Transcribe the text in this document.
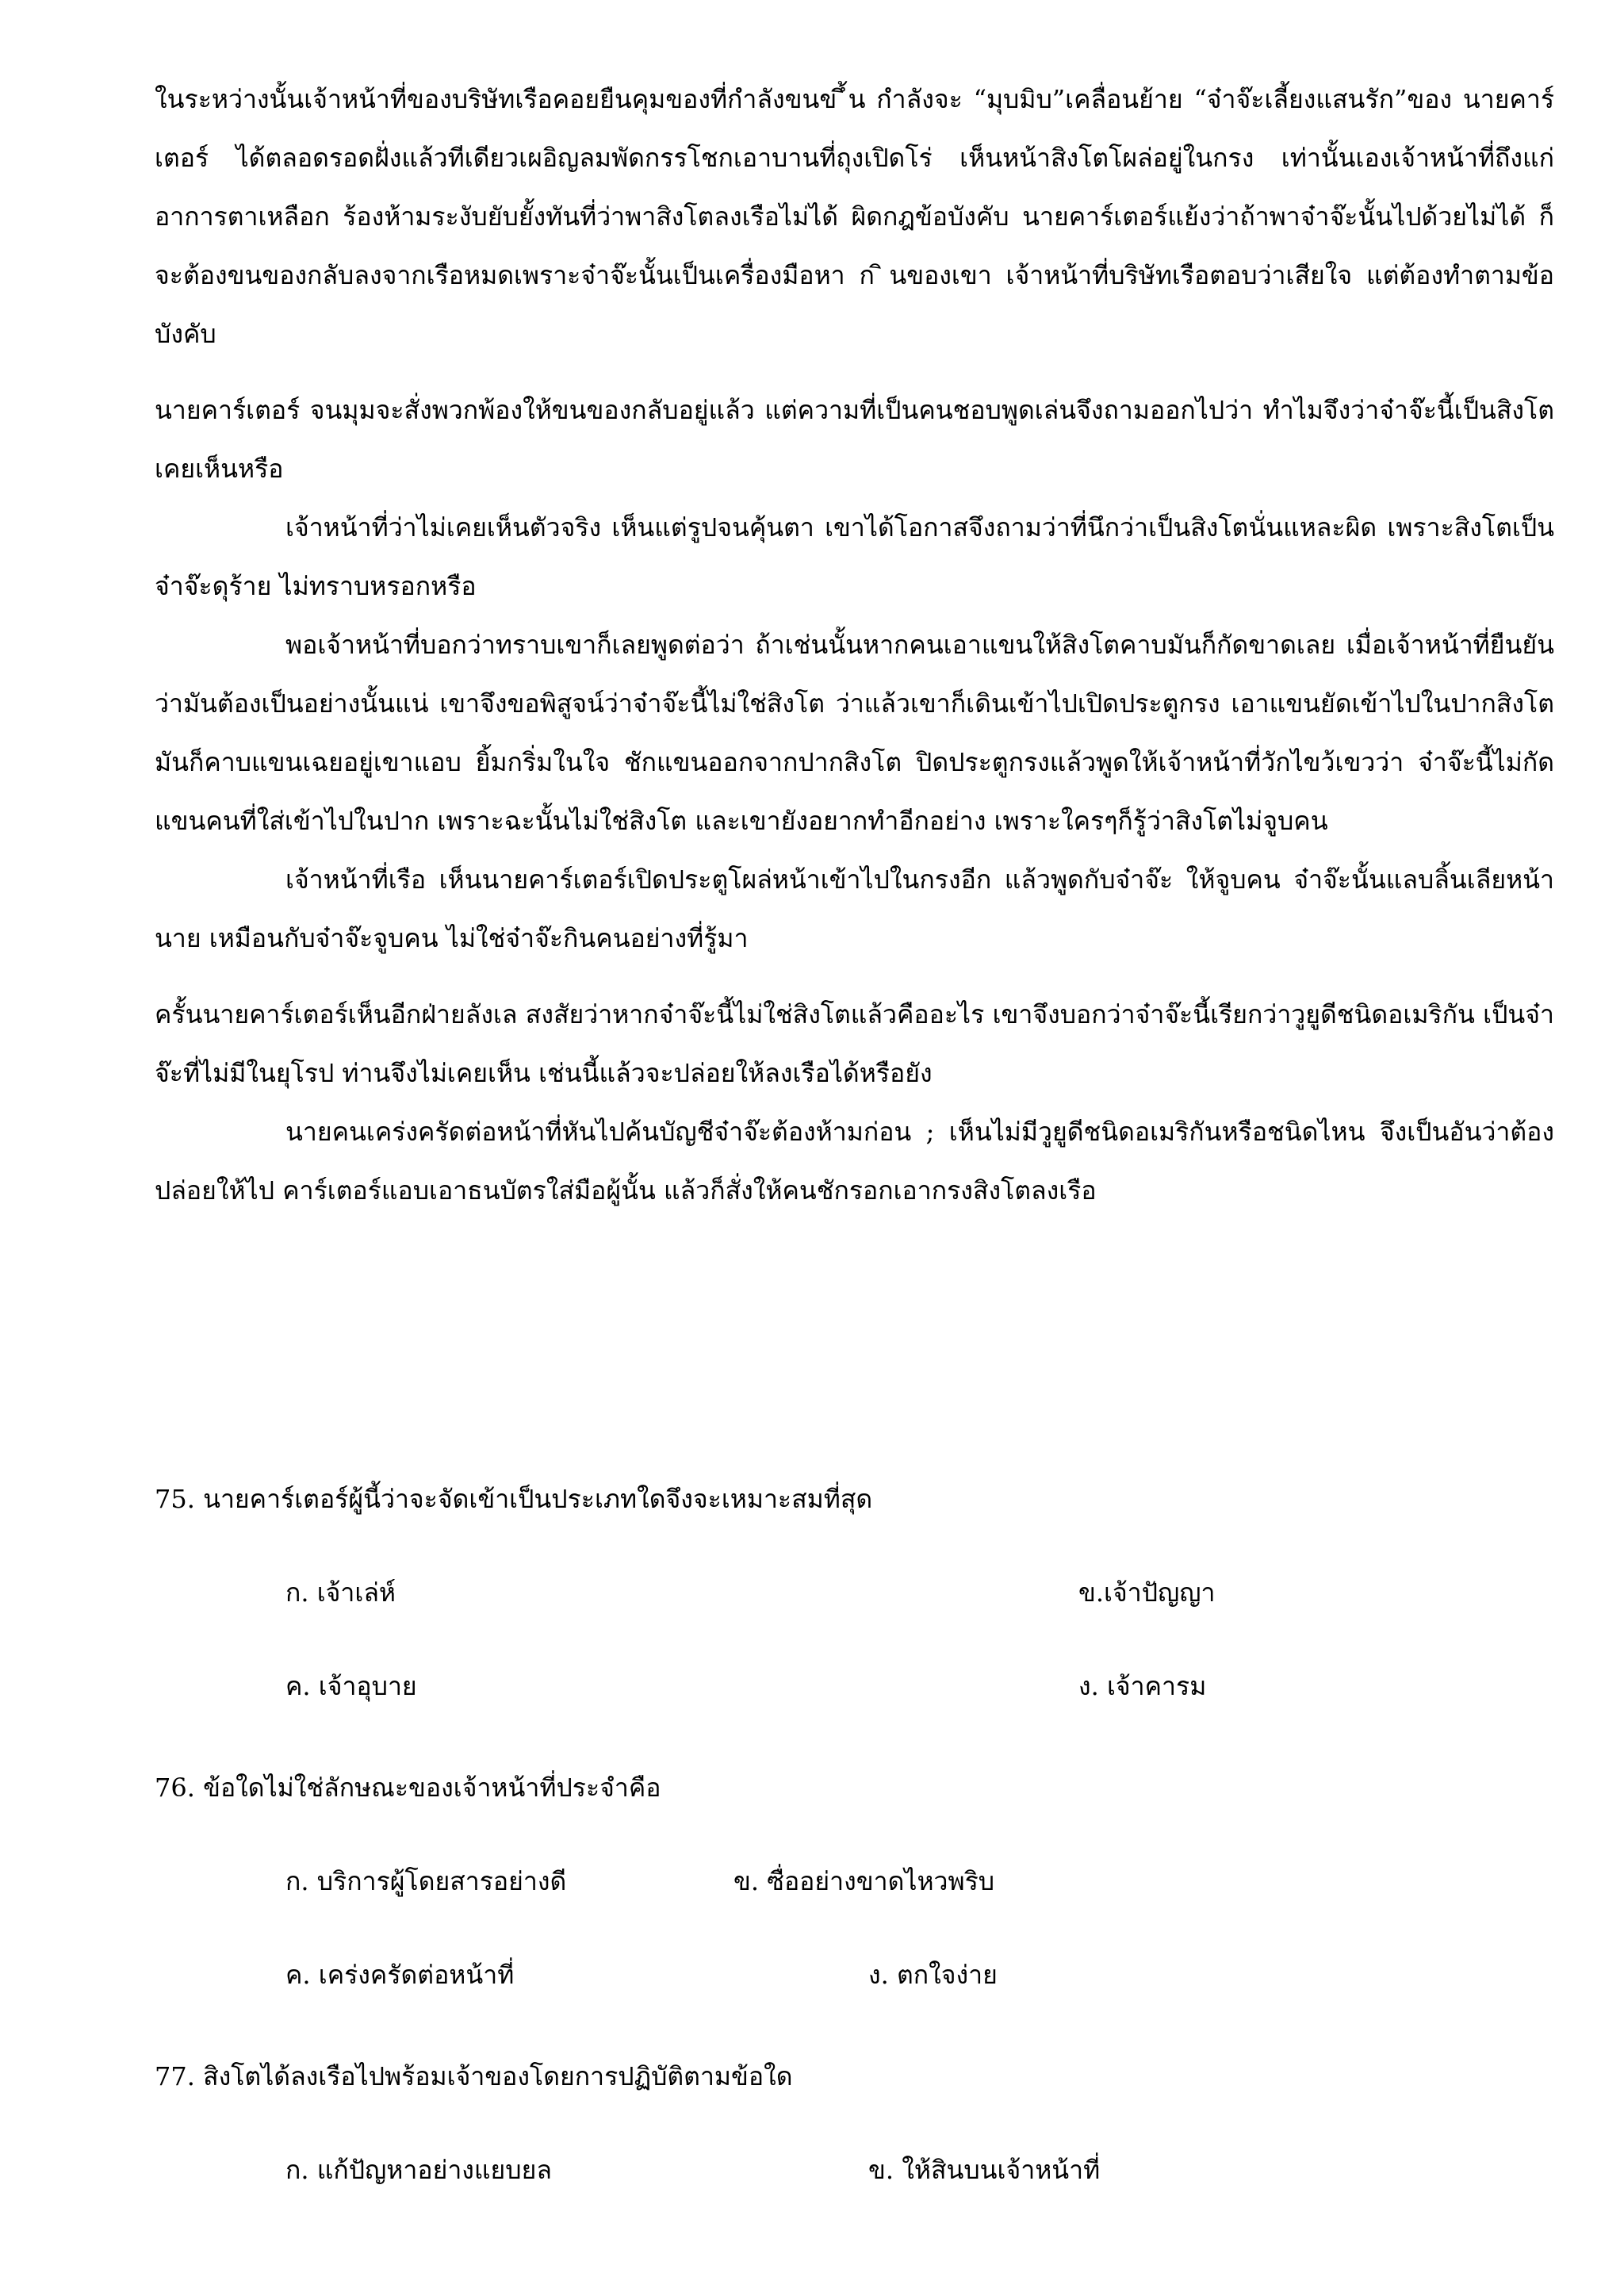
ในระหว่างนั้นเจ้าหน้าที่ของบริษัทเรือคอยยืนคุมของที่กำลังขนข ึ้น กำลังจะ “มุบมิบ”เคลื่อนย้าย “จ๋าจ๊ะเลี้ยงแสนรัก”ของ นายคาร์เตอร์ ได้ตลอดรอดฝั่งแล้วทีเดียวเผอิญลมพัดกรรโชกเอาบานที่ถุงเปิดโร่ เห็นหน้าสิงโตโผล่อยู่ในกรง เท่านั้นเองเจ้าหน้าที่ถึงแก่อาการตาเหลือก ร้องห้ามระงับยับยั้งทันที่ว่าพาสิงโตลงเรือไม่ได้ ผิดกฎข้อบังคับ นายคาร์เตอร์แย้งว่าถ้าพาจ๋าจ๊ะนั้นไปด้วยไม่ได้ ก็จะต้องขนของกลับลงจากเรือหมดเพราะจ๋าจ๊ะนั้นเป็นเครื่องมือหา ก ินของเขา เจ้าหน้าที่บริษัทเรือตอบว่าเสียใจ แต่ต้องทำตามข้อบังคับ

นายคาร์เตอร์ จนมุมจะสั่งพวกพ้องให้ขนของกลับอยู่แล้ว แต่ความที่เป็นคนชอบพูดเล่นจึงถามออกไปว่า ทำไมจึงว่าจ๋าจ๊ะนี้เป็นสิงโต เคยเห็นหรือ

เจ้าหน้าที่ว่าไม่เคยเห็นตัวจริง เห็นแต่รูปจนคุ้นตา เขาได้โอกาสจึงถามว่าที่นึกว่าเป็นสิงโตนั่นแหละผิด เพราะสิงโตเป็นจ๋าจ๊ะดุร้าย ไม่ทราบหรอกหรือ

พอเจ้าหน้าที่บอกว่าทราบเขาก็เลยพูดต่อว่า ถ้าเช่นนั้นหากคนเอาแขนให้สิงโตคาบมันก็กัดขาดเลย เมื่อเจ้าหน้าที่ยืนยันว่ามันต้องเป็นอย่างนั้นแน่ เขาจึงขอพิสูจน์ว่าจ๋าจ๊ะนี้ไม่ใช่สิงโต ว่าแล้วเขาก็เดินเข้าไปเปิดประตูกรง เอาแขนยัดเข้าไปในปากสิงโต มันก็คาบแขนเฉยอยู่เขาแอบ ยิ้มกริ่มในใจ ชักแขนออกจากปากสิงโต ปิดประตูกรงแล้วพูดให้เจ้าหน้าที่วักไขว้เขวว่า จ๋าจ๊ะนี้ไม่กัดแขนคนที่ใส่เข้าไปในปาก เพราะฉะนั้นไม่ใช่สิงโต และเขายังอยากทำอีกอย่าง เพราะใครๆก็รู้ว่าสิงโตไม่จูบคน

เจ้าหน้าที่เรือ เห็นนายคาร์เตอร์เปิดประตูโผล่หน้าเข้าไปในกรงอีก แล้วพูดกับจ๋าจ๊ะ ให้จูบคน จ๋าจ๊ะนั้นแลบลิ้นเลียหน้านาย เหมือนกับจ๋าจ๊ะจูบคน ไม่ใช่จ๋าจ๊ะกินคนอย่างที่รู้มา

ครั้นนายคาร์เตอร์เห็นอีกฝ่ายลังเล สงสัยว่าหากจ๋าจ๊ะนี้ไม่ใช่สิงโตแล้วคืออะไร เขาจึงบอกว่าจ๋าจ๊ะนี้เรียกว่าวูยูดีชนิดอเมริกัน เป็นจ๋าจ๊ะที่ไม่มีในยุโรป ท่านจึงไม่เคยเห็น เช่นนี้แล้วจะปล่อยให้ลงเรือได้หรือยัง

นายคนเคร่งครัดต่อหน้าที่หันไปค้นบัญชีจ๋าจ๊ะต้องห้ามก่อน ; เห็นไม่มีวูยูดีชนิดอเมริกันหรือชนิดไหน จึงเป็นอันว่าต้องปล่อยให้ไป คาร์เตอร์แอบเอาธนบัตรใส่มือผู้นั้น แล้วก็สั่งให้คนชักรอกเอากรงสิงโตลงเรือ

75. นายคาร์เตอร์ผู้นี้ว่าจะจัดเข้าเป็นประเภทใดจึงจะเหมาะสมที่สุด
ก. เจ้าเล่ห์	ข.เจ้าปัญญา
ค. เจ้าอุบาย	ง. เจ้าคารม
76. ข้อใดไม่ใช่ลักษณะของเจ้าหน้าที่ประจำคือ
ก. บริการผู้โดยสารอย่างดี	ข. ซื่ออย่างขาดไหวพริบ
ค. เคร่งครัดต่อหน้าที่	ง. ตกใจง่าย
77. สิงโตได้ลงเรือไปพร้อมเจ้าของโดยการปฏิบัติตามข้อใด
ก. แก้ปัญหาอย่างแยบยล	ข. ให้สินบนเจ้าหน้าที่
